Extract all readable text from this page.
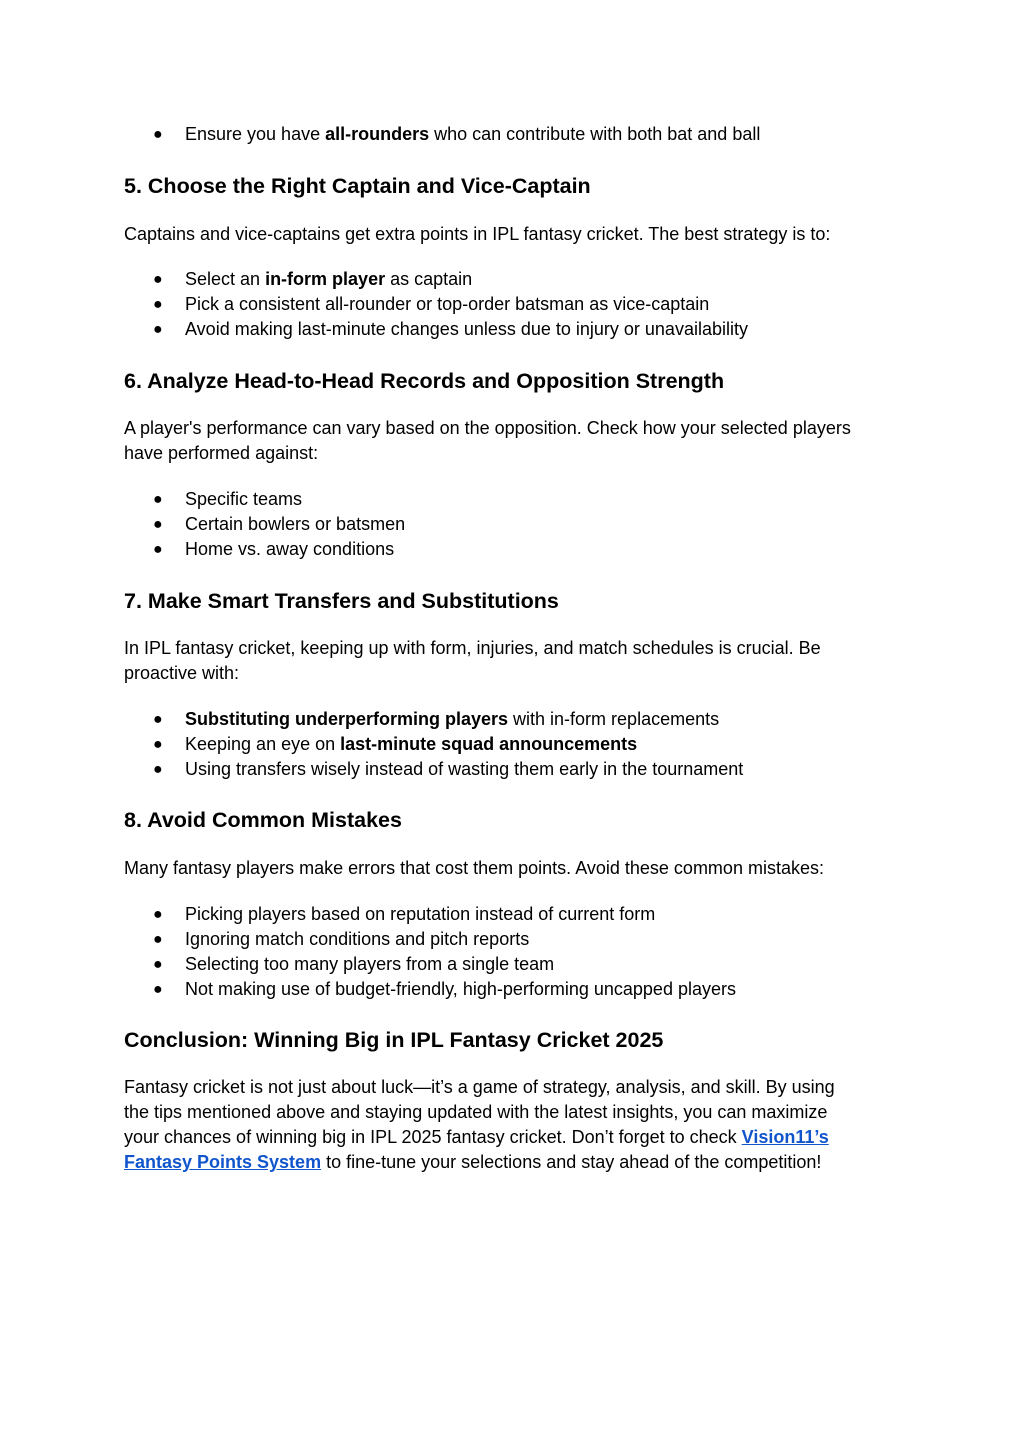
● Ensure you have all-rounders who can contribute with both bat and ball
5. Choose the Right Captain and Vice-Captain

Captains and vice-captains get extra points in IPL fantasy cricket. The best strategy is to:

● Select an in-form player as captain
● Pick a consistent all-rounder or top-order batsman as vice-captain
● Avoid making last-minute changes unless due to injury or unavailability
6. Analyze Head-to-Head Records and Opposition Strength

A player's performance can vary based on the opposition. Check how your selected players
have performed against:

● Specific teams
● Certain bowlers or batsmen
● Home vs. away conditions
7. Make Smart Transfers and Substitutions

In IPL fantasy cricket, keeping up with form, injuries, and match schedules is crucial. Be
proactive with:

● Substituting underperforming players with in-form replacements
● Keeping an eye on last-minute squad announcements
● Using transfers wisely instead of wasting them early in the tournament
8. Avoid Common Mistakes

Many fantasy players make errors that cost them points. Avoid these common mistakes:

● Picking players based on reputation instead of current form
● Ignoring match conditions and pitch reports
● Selecting too many players from a single team
● Not making use of budget-friendly, high-performing uncapped players
Conclusion: Winning Big in IPL Fantasy Cricket 2025

Fantasy cricket is not just about luck—it’s a game of strategy, analysis, and skill. By using
the tips mentioned above and staying updated with the latest insights, you can maximize
your chances of winning big in IPL 2025 fantasy cricket. Don’t forget to check Vision11’s
Fantasy Points System to fine-tune your selections and stay ahead of the competition!
